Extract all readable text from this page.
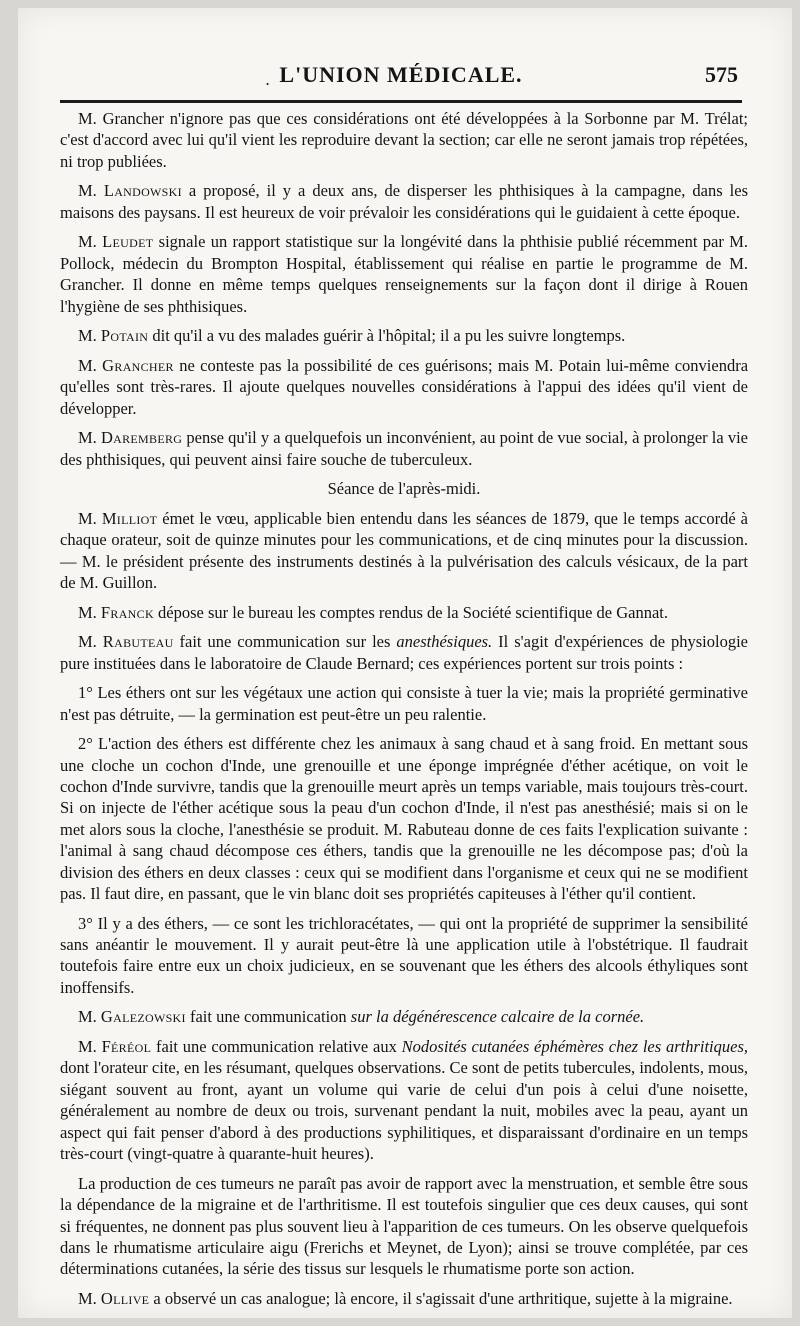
. L'UNION MÉDICALE.	575

M. Grancher n'ignore pas que ces considérations ont été développées à la Sorbonne par M. Trélat; c'est d'accord avec lui qu'il vient les reproduire devant la section; car elle ne seront jamais trop répétées, ni trop publiées.

M. Landowski a proposé, il y a deux ans, de disperser les phthisiques à la campagne, dans les maisons des paysans. Il est heureux de voir prévaloir les considérations qui le guidaient à cette époque.

M. Leudet signale un rapport statistique sur la longévité dans la phthisie publié récemment par M. Pollock, médecin du Brompton Hospital, établissement qui réalise en partie le programme de M. Grancher. Il donne en même temps quelques renseignements sur la façon dont il dirige à Rouen l'hygiène de ses phthisiques.

M. Potain dit qu'il a vu des malades guérir à l'hôpital; il a pu les suivre longtemps.

M. Grancher ne conteste pas la possibilité de ces guérisons; mais M. Potain lui-même conviendra qu'elles sont très-rares. Il ajoute quelques nouvelles considérations à l'appui des idées qu'il vient de développer.

M. Daremberg pense qu'il y a quelquefois un inconvénient, au point de vue social, à prolonger la vie des phthisiques, qui peuvent ainsi faire souche de tuberculeux.

Séance de l'après-midi.

M. Milliot émet le vœu, applicable bien entendu dans les séances de 1879, que le temps accordé à chaque orateur, soit de quinze minutes pour les communications, et de cinq minutes pour la discussion. — M. le président présente des instruments destinés à la pulvérisation des calculs vésicaux, de la part de M. Guillon.

M. Franck dépose sur le bureau les comptes rendus de la Société scientifique de Gannat.

M. Rabuteau fait une communication sur les anesthésiques. Il s'agit d'expériences de physiologie pure instituées dans le laboratoire de Claude Bernard; ces expériences portent sur trois points :

1° Les éthers ont sur les végétaux une action qui consiste à tuer la vie; mais la propriété germinative n'est pas détruite, — la germination est peut-être un peu ralentie.

2° L'action des éthers est différente chez les animaux à sang chaud et à sang froid. En mettant sous une cloche un cochon d'Inde, une grenouille et une éponge imprégnée d'éther acétique, on voit le cochon d'Inde survivre, tandis que la grenouille meurt après un temps variable, mais toujours très-court. Si on injecte de l'éther acétique sous la peau d'un cochon d'Inde, il n'est pas anesthésié; mais si on le met alors sous la cloche, l'anesthésie se produit. M. Rabuteau donne de ces faits l'explication suivante : l'animal à sang chaud décompose ces éthers, tandis que la grenouille ne les décompose pas; d'où la division des éthers en deux classes : ceux qui se modifient dans l'organisme et ceux qui ne se modifient pas. Il faut dire, en passant, que le vin blanc doit ses propriétés capiteuses à l'éther qu'il contient.

3° Il y a des éthers, — ce sont les trichloracétates, — qui ont la propriété de supprimer la sensibilité sans anéantir le mouvement. Il y aurait peut-être là une application utile à l'obstétrique. Il faudrait toutefois faire entre eux un choix judicieux, en se souvenant que les éthers des alcools éthyliques sont inoffensifs.

M. Galezowski fait une communication sur la dégénérescence calcaire de la cornée.

M. Féréol fait une communication relative aux Nodosités cutanées éphémères chez les arthritiques, dont l'orateur cite, en les résumant, quelques observations. Ce sont de petits tubercules, indolents, mous, siégant souvent au front, ayant un volume qui varie de celui d'un pois à celui d'une noisette, généralement au nombre de deux ou trois, survenant pendant la nuit, mobiles avec la peau, ayant un aspect qui fait penser d'abord à des productions syphilitiques, et disparaissant d'ordinaire en un temps très-court (vingt-quatre à quarante-huit heures).

La production de ces tumeurs ne paraît pas avoir de rapport avec la menstruation, et semble être sous la dépendance de la migraine et de l'arthritisme. Il est toutefois singulier que ces deux causes, qui sont si fréquentes, ne donnent pas plus souvent lieu à l'apparition de ces tumeurs. On les observe quelquefois dans le rhumatisme articulaire aigu (Frerichs et Meynet, de Lyon); ainsi se trouve complétée, par ces déterminations cutanées, la série des tissus sur lesquels le rhumatisme porte son action.

M. Ollive a observé un cas analogue; là encore, il s'agissait d'une arthritique, sujette à la migraine.
